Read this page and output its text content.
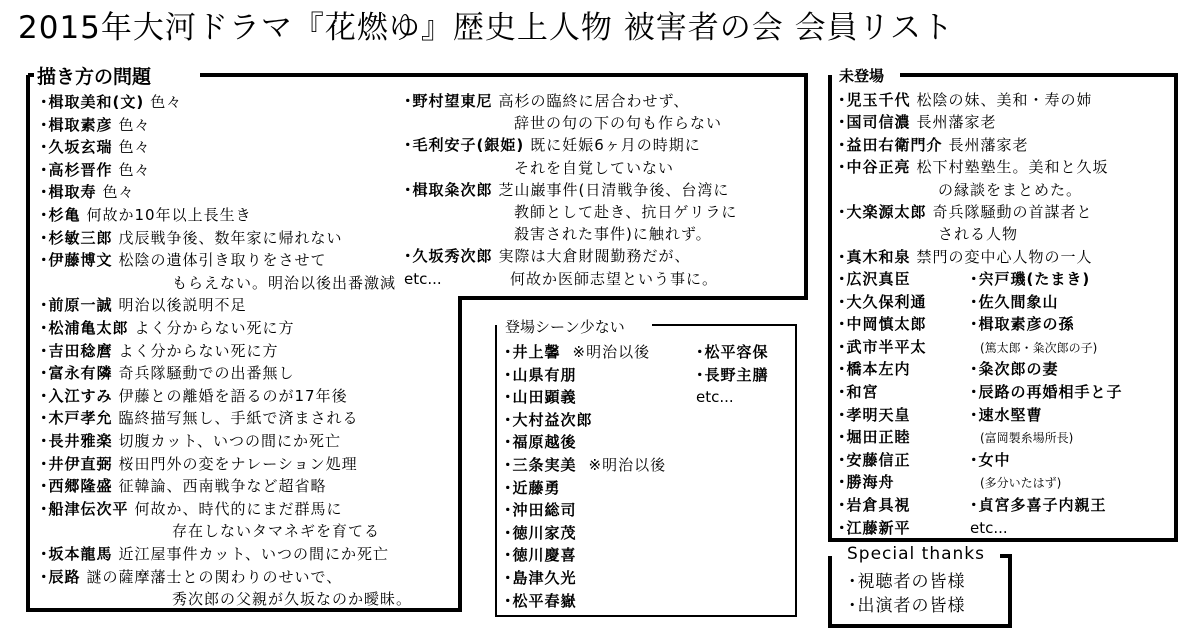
2015年大河ドラマ『花燃ゆ』歴史上人物 被害者の会 会員リスト
描き方の問題
･楫取美和(文) 色々
･楫取素彦 色々
･久坂玄瑞 色々
･高杉晋作 色々
･楫取寿 色々
･杉亀 何故か10年以上長生き
･杉敏三郎 戊辰戦争後、数年家に帰れない
･伊藤博文 松陰の遺体引き取りをさせて
もらえない。明治以後出番激減
･前原一誠 明治以後説明不足
･松浦亀太郎 よく分からない死に方
･吉田稔麿 よく分からない死に方
･富永有隣 奇兵隊騒動での出番無し
･入江すみ 伊藤との離婚を語るのが17年後
･木戸孝允 臨終描写無し、手紙で済まされる
･長井雅楽 切腹カット、いつの間にか死亡
･井伊直弼 桜田門外の変をナレーション処理
･西郷隆盛 征韓論、西南戦争など超省略
･船津伝次平 何故か、時代的にまだ群馬に
存在しないタマネギを育てる
･坂本龍馬 近江屋事件カット、いつの間にか死亡
･辰路 謎の薩摩藩士との関わりのせいで、
秀次郎の父親が久坂なのか曖昧。
･野村望東尼 高杉の臨終に居合わせず、
辞世の句の下の句も作らない
･毛利安子(銀姫) 既に妊娠6ヶ月の時期に
それを自覚していない
･楫取粂次郎 芝山巌事件(日清戦争後、台湾に
教師として赴き、抗日ゲリラに
殺害された事件)に触れず。
･久坂秀次郎 実際は大倉財閥勤務だが、
etc...	何故か医師志望という事に。
登場シーン少ない
･井上馨 ※明治以後
･山県有朋
･山田顕義
･大村益次郎
･福原越後
･三条実美 ※明治以後
･近藤勇
･沖田総司
･徳川家茂
･徳川慶喜
･島津久光
･松平春嶽
･松平容保
･長野主膳
etc...
未登場
･児玉千代 松陰の妹、美和・寿の姉
･国司信濃 長州藩家老
･益田右衛門介 長州藩家老
･中谷正亮 松下村塾塾生。美和と久坂
の縁談をまとめた。
･大楽源太郎 奇兵隊騒動の首謀者と
される人物
･真木和泉 禁門の変中心人物の一人
･広沢真臣
･大久保利通
･中岡慎太郎
･武市半平太
･橋本左内
･和宮
･孝明天皇
･堀田正睦
･安藤信正
･勝海舟
･岩倉具視
･江藤新平
･宍戸璣(たまき)
･佐久間象山
･楫取素彦の孫
(篤太郎・粂次郎の子)
･粂次郎の妻
･辰路の再婚相手と子
･速水堅曹
(富岡製糸場所長)
･女中
(多分いたはず)
･貞宮多喜子内親王
etc...
Special thanks
･視聴者の皆様
･出演者の皆様
